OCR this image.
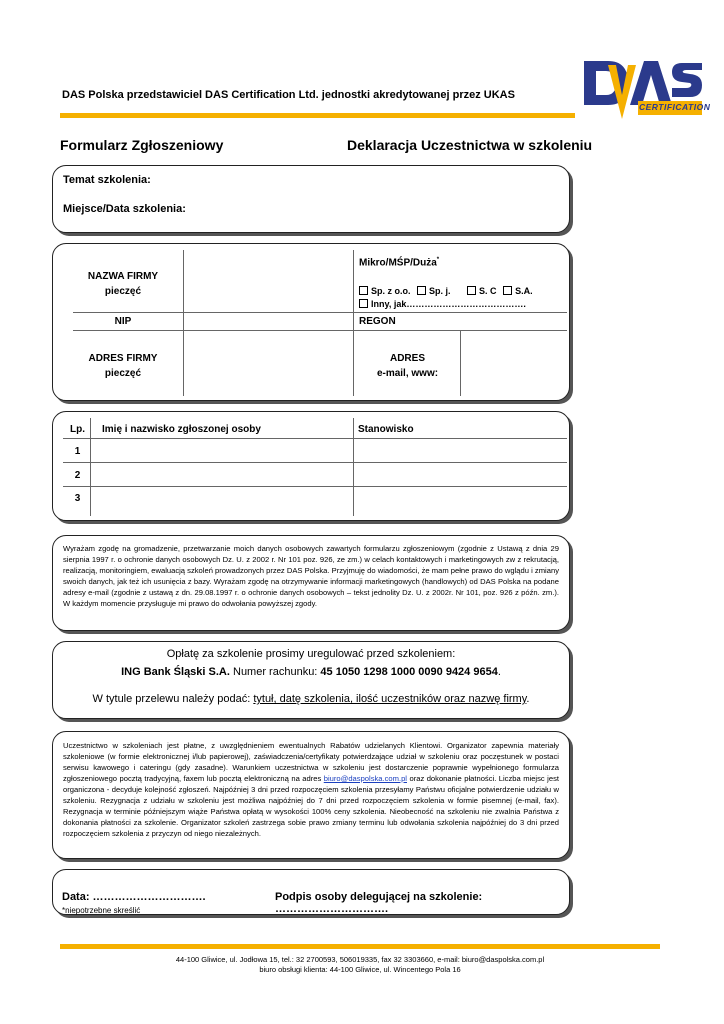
DAS Polska przedstawiciel DAS Certification Ltd. jednostki akredytowanej przez UKAS
CERTIFICATION
Formularz Zgłoszeniowy	Deklaracja Uczestnictwa w szkoleniu
Temat szkolenia:
Miejsce/Data szkolenia:
NAZWA FIRMY
pieczęć
Mikro/MŚP/Duża*
Sp. z o.o. Sp. j.	S. C S.A.
Inny, jak………………………………….
NIP	REGON
ADRES FIRMY
pieczęć
ADRES
e-mail, www:
Lp.	Imię i nazwisko zgłoszonej osoby	Stanowisko
1
2
3
Wyrażam zgodę na gromadzenie, przetwarzanie moich danych osobowych zawartych formularzu zgłoszeniowym (zgodnie z Ustawą z dnia 29 sierpnia 1997 r. o ochronie danych osobowych Dz. U. z 2002 r. Nr 101 poz. 926, ze zm.) w celach kontaktowych i marketingowych zw z rekrutacją, realizacją, monitoringiem, ewaluacją szkoleń prowadzonych przez DAS Polska. Przyjmuję do wiadomości, że mam pełne prawo do wglądu i zmiany swoich danych, jak też ich usunięcia z bazy. Wyrażam zgodę na otrzymywanie informacji marketingowych (handlowych) od DAS Polska na podane adresy e-mail (zgodnie z ustawą z dn. 29.08.1997 r. o ochronie danych osobowych – tekst jednolity Dz. U. z 2002r. Nr 101, poz. 926 z późn. zm.). W każdym momencie przysługuje mi prawo do odwołania powyższej zgody.
Opłatę za szkolenie prosimy uregulować przed szkoleniem:
ING Bank Śląski S.A. Numer rachunku: 45 1050 1298 1000 0090 9424 9654.
W tytule przelewu należy podać: tytuł, datę szkolenia, ilość uczestników oraz nazwę firmy.
Uczestnictwo w szkoleniach jest płatne, z uwzględnieniem ewentualnych Rabatów udzielanych Klientowi. Organizator zapewnia materiały szkoleniowe (w formie elektronicznej i/lub papierowej), zaświadczenia/certyfikaty potwierdzające udział w szkoleniu oraz poczęstunek w postaci serwisu kawowego i cateringu (gdy zasadne). Warunkiem uczestnictwa w szkoleniu jest dostarczenie poprawnie wypełnionego formularza zgłoszeniowego pocztą tradycyjną, faxem lub pocztą elektroniczną na adres biuro@daspolska.com.pl oraz dokonanie płatności. Liczba miejsc jest organiczona - decyduje kolejność zgłoszeń. Najpóźniej 3 dni przed rozpoczęciem szkolenia przesyłamy Państwu oficjalne potwierdzenie udziału w szkoleniu. Rezygnacja z udziału w szkoleniu jest możliwa najpóźniej do 7 dni przed rozpoczęciem szkolenia w formie pisemnej (e-mail, fax). Rezygnacja w terminie późniejszym wiąże Państwa opłatą w wysokości 100% ceny szkolenia. Nieobecność na szkoleniu nie zwalnia Państwa z dokonania płatności za szkolenie. Organizator szkoleń zastrzega sobie prawo zmiany terminu lub odwołania szkolenia najpóźniej do 3 dni przed rozpoczęciem szkolenia z przyczyn od niego niezależnych.
Data: ………………………….	Podpis osoby delegującej na szkolenie: ………………………….
*niepotrzebne skreślić
44-100 Gliwice, ul. Jodłowa 15, tel.: 32 2700593, 506019335, fax 32 3303660, e-mail: biuro@daspolska.com.pl
biuro obsługi klienta: 44-100 Gliwice, ul. Wincentego Pola 16
